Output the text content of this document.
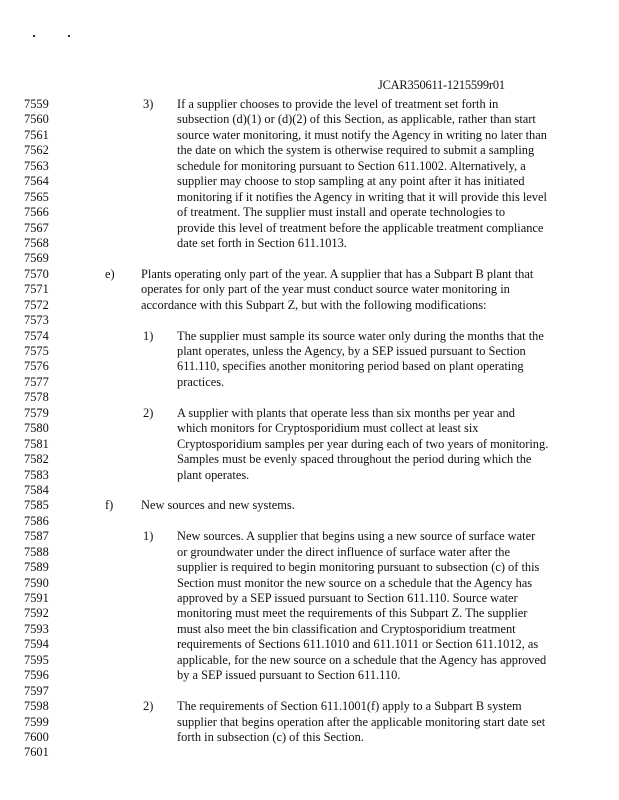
JCAR350611-1215599r01
7559	3) If a supplier chooses to provide the level of treatment set forth in
7560	subsection (d)(1) or (d)(2) of this Section, as applicable, rather than start
7561	source water monitoring, it must notify the Agency in writing no later than
7562	the date on which the system is otherwise required to submit a sampling
7563	schedule for monitoring pursuant to Section 611.1002. Alternatively, a
7564	supplier may choose to stop sampling at any point after it has initiated
7565	monitoring if it notifies the Agency in writing that it will provide this level
7566	of treatment. The supplier must install and operate technologies to
7567	provide this level of treatment before the applicable treatment compliance
7568	date set forth in Section 611.1013.
7569
7570	e) Plants operating only part of the year. A supplier that has a Subpart B plant that
7571	operates for only part of the year must conduct source water monitoring in
7572	accordance with this Subpart Z, but with the following modifications:
7573
7574	1) The supplier must sample its source water only during the months that the
7575	plant operates, unless the Agency, by a SEP issued pursuant to Section
7576	611.110, specifies another monitoring period based on plant operating
7577	practices.
7578
7579	2) A supplier with plants that operate less than six months per year and
7580	which monitors for Cryptosporidium must collect at least six
7581	Cryptosporidium samples per year during each of two years of monitoring.
7582	Samples must be evenly spaced throughout the period during which the
7583	plant operates.
7584
7585	f) New sources and new systems.
7586
7587	1) New sources. A supplier that begins using a new source of surface water
7588	or groundwater under the direct influence of surface water after the
7589	supplier is required to begin monitoring pursuant to subsection (c) of this
7590	Section must monitor the new source on a schedule that the Agency has
7591	approved by a SEP issued pursuant to Section 611.110. Source water
7592	monitoring must meet the requirements of this Subpart Z. The supplier
7593	must also meet the bin classification and Cryptosporidium treatment
7594	requirements of Sections 611.1010 and 611.1011 or Section 611.1012, as
7595	applicable, for the new source on a schedule that the Agency has approved
7596	by a SEP issued pursuant to Section 611.110.
7597
7598	2) The requirements of Section 611.1001(f) apply to a Subpart B system
7599	supplier that begins operation after the applicable monitoring start date set
7600	forth in subsection (c) of this Section.
7601
